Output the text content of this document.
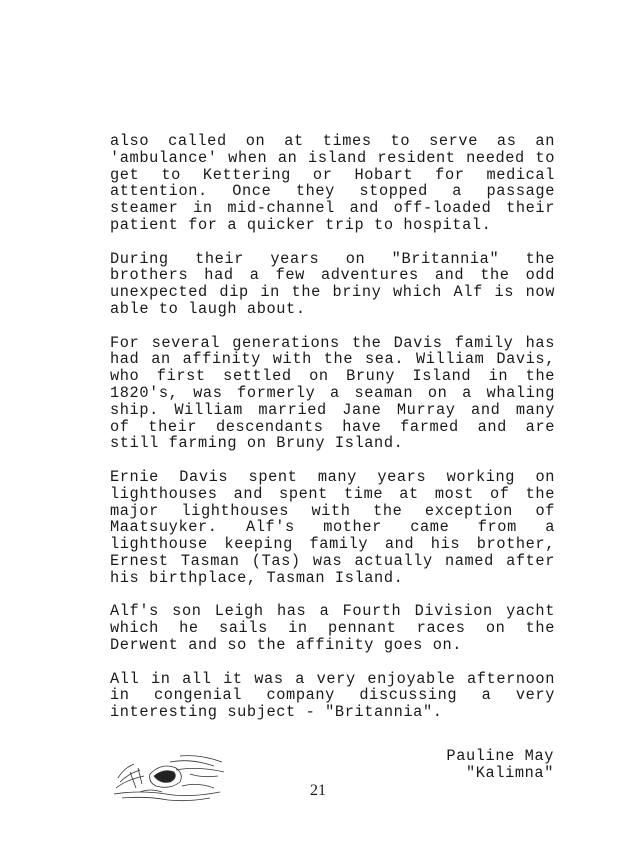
also called on at times to serve as an
'ambulance' when an island resident needed to
get to Kettering or Hobart for medical
attention. Once they stopped a passage
steamer in mid-channel and off-loaded their
patient for a quicker trip to hospital.
During their years on "Britannia" the
brothers had a few adventures and the odd
unexpected dip in the briny which Alf is now
able to laugh about.
For several generations the Davis family has
had an affinity with the sea. William Davis,
who first settled on Bruny Island in the
1820's, was formerly a seaman on a whaling
ship. William married Jane Murray and many
of their descendants have farmed and are
still farming on Bruny Island.
Ernie Davis spent many years working on
lighthouses and spent time at most of the
major lighthouses with the exception of
Maatsuyker. Alf's mother came from a
lighthouse keeping family and his brother,
Ernest Tasman (Tas) was actually named after
his birthplace, Tasman Island.
Alf's son Leigh has a Fourth Division yacht
which he sails in pennant races on the
Derwent and so the affinity goes on.
All in all it was a very enjoyable afternoon
in congenial company discussing a very
interesting subject - "Britannia".
Pauline May
"Kalimna"
21
